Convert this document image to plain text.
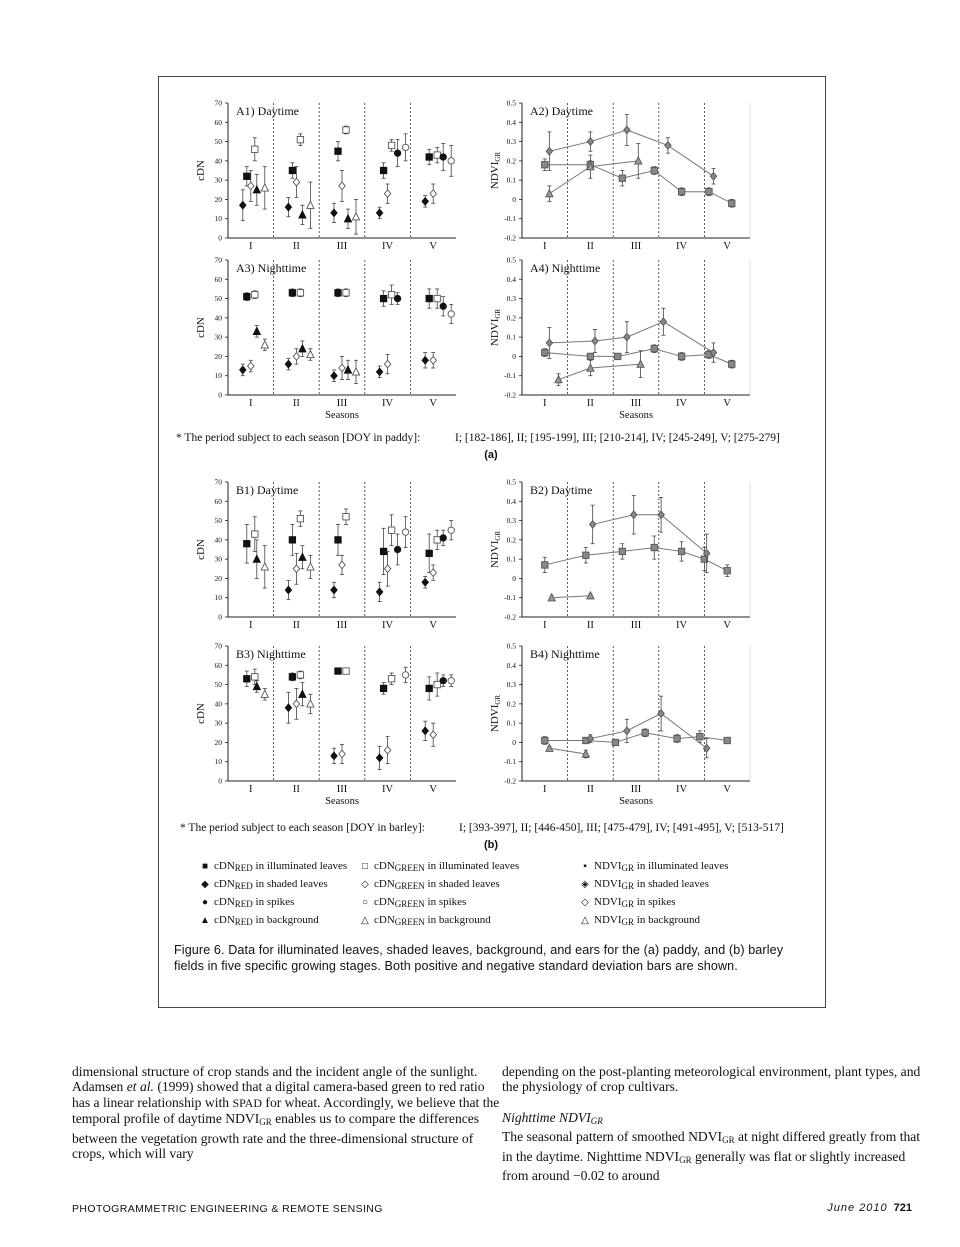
0
10
20
30
40
50
60
70
I	II	III	IV	V
cDN
A1) Daytime
-0.2
-0.1
0
0.1
0.2
0.3
0.4
0.5
I	II	III	IV	V
NDVIGR
A2) Daytime
0
10
20
30
40
50
60
70
I	II	III	IV	V
Seasons
cDN
A3) Nighttime
-0.2
-0.1
0
0.1
0.2
0.3
0.4
0.5
I	II	III	IV	V
Seasons
NDVIGR
A4) Nighttime
0
10
20
30
40
50
60
70
I	II	III	IV	V
cDN
B1) Daytime
-0.2
-0.1
0
0.1
0.2
0.3
0.4
0.5
I	II	III	IV	V
NDVIGR
B2) Daytime
0
10
20
30
40
50
60
70
I	II	III	IV	V
Seasons
cDN
B3) Nighttime
-0.2
-0.1
0
0.1
0.2
0.3
0.4
0.5
I	II	III	IV	V
Seasons
NDVIGR
B4) Nighttime
* The period subject to each season [DOY in paddy]:	I; [182-186], II; [195-199], III; [210-214], IV; [245-249], V; [275-279]
(a)
* The period subject to each season [DOY in barley]:	I; [393-397], II; [446-450], III; [475-479], IV; [491-495], V; [513-517]
(b)
■ cDN$_{RED}$ in illuminated leaves
◆ cDN$_{RED}$ in shaded leaves
● cDN$_{RED}$ in spikes
▲ cDN$_{RED}$ in background
□ cDN$_{GREEN}$ in illuminated leaves
◇ cDN$_{GREEN}$ in shaded leaves
○ cDN$_{GREEN}$ in spikes
△ cDN$_{GREEN}$ in background
▪ $NDVI_{GR}$ in illuminated leaves
◈ $NDVI_{GR}$ in shaded leaves
◇ $NDVI_{GR}$ in spikes
△ $NDVI_{GR}$ in background
Figure 6. Data for illuminated leaves, shaded leaves, background, and ears for the (a) paddy, and (b) barley fields in five specific growing stages. Both positive and negative standard deviation bars are shown.

dimensional structure of crop stands and the incident angle of the sunlight. Adamsen et al. (1999) showed that a digital camera-based green to red ratio has a linear relationship with SPAD for wheat. Accordingly, we believe that the temporal profile of daytime $NDVI_{GR}$ enables us to compare the differences between the vegetation growth rate and the three-dimensional structure of crops, which will vary

depending on the post-planting meteorological environment, plant types, and the physiology of crop cultivars.

Nighttime $NDVI_{GR}$

The seasonal pattern of smoothed $NDVI_{GR}$ at night differed greatly from that in the daytime. Nighttime $NDVI_{GR}$ generally was flat or slightly increased from around −0.02 to around

PHOTOGRAMMETRIC ENGINEERING & REMOTE SENSING	June 2010 721
